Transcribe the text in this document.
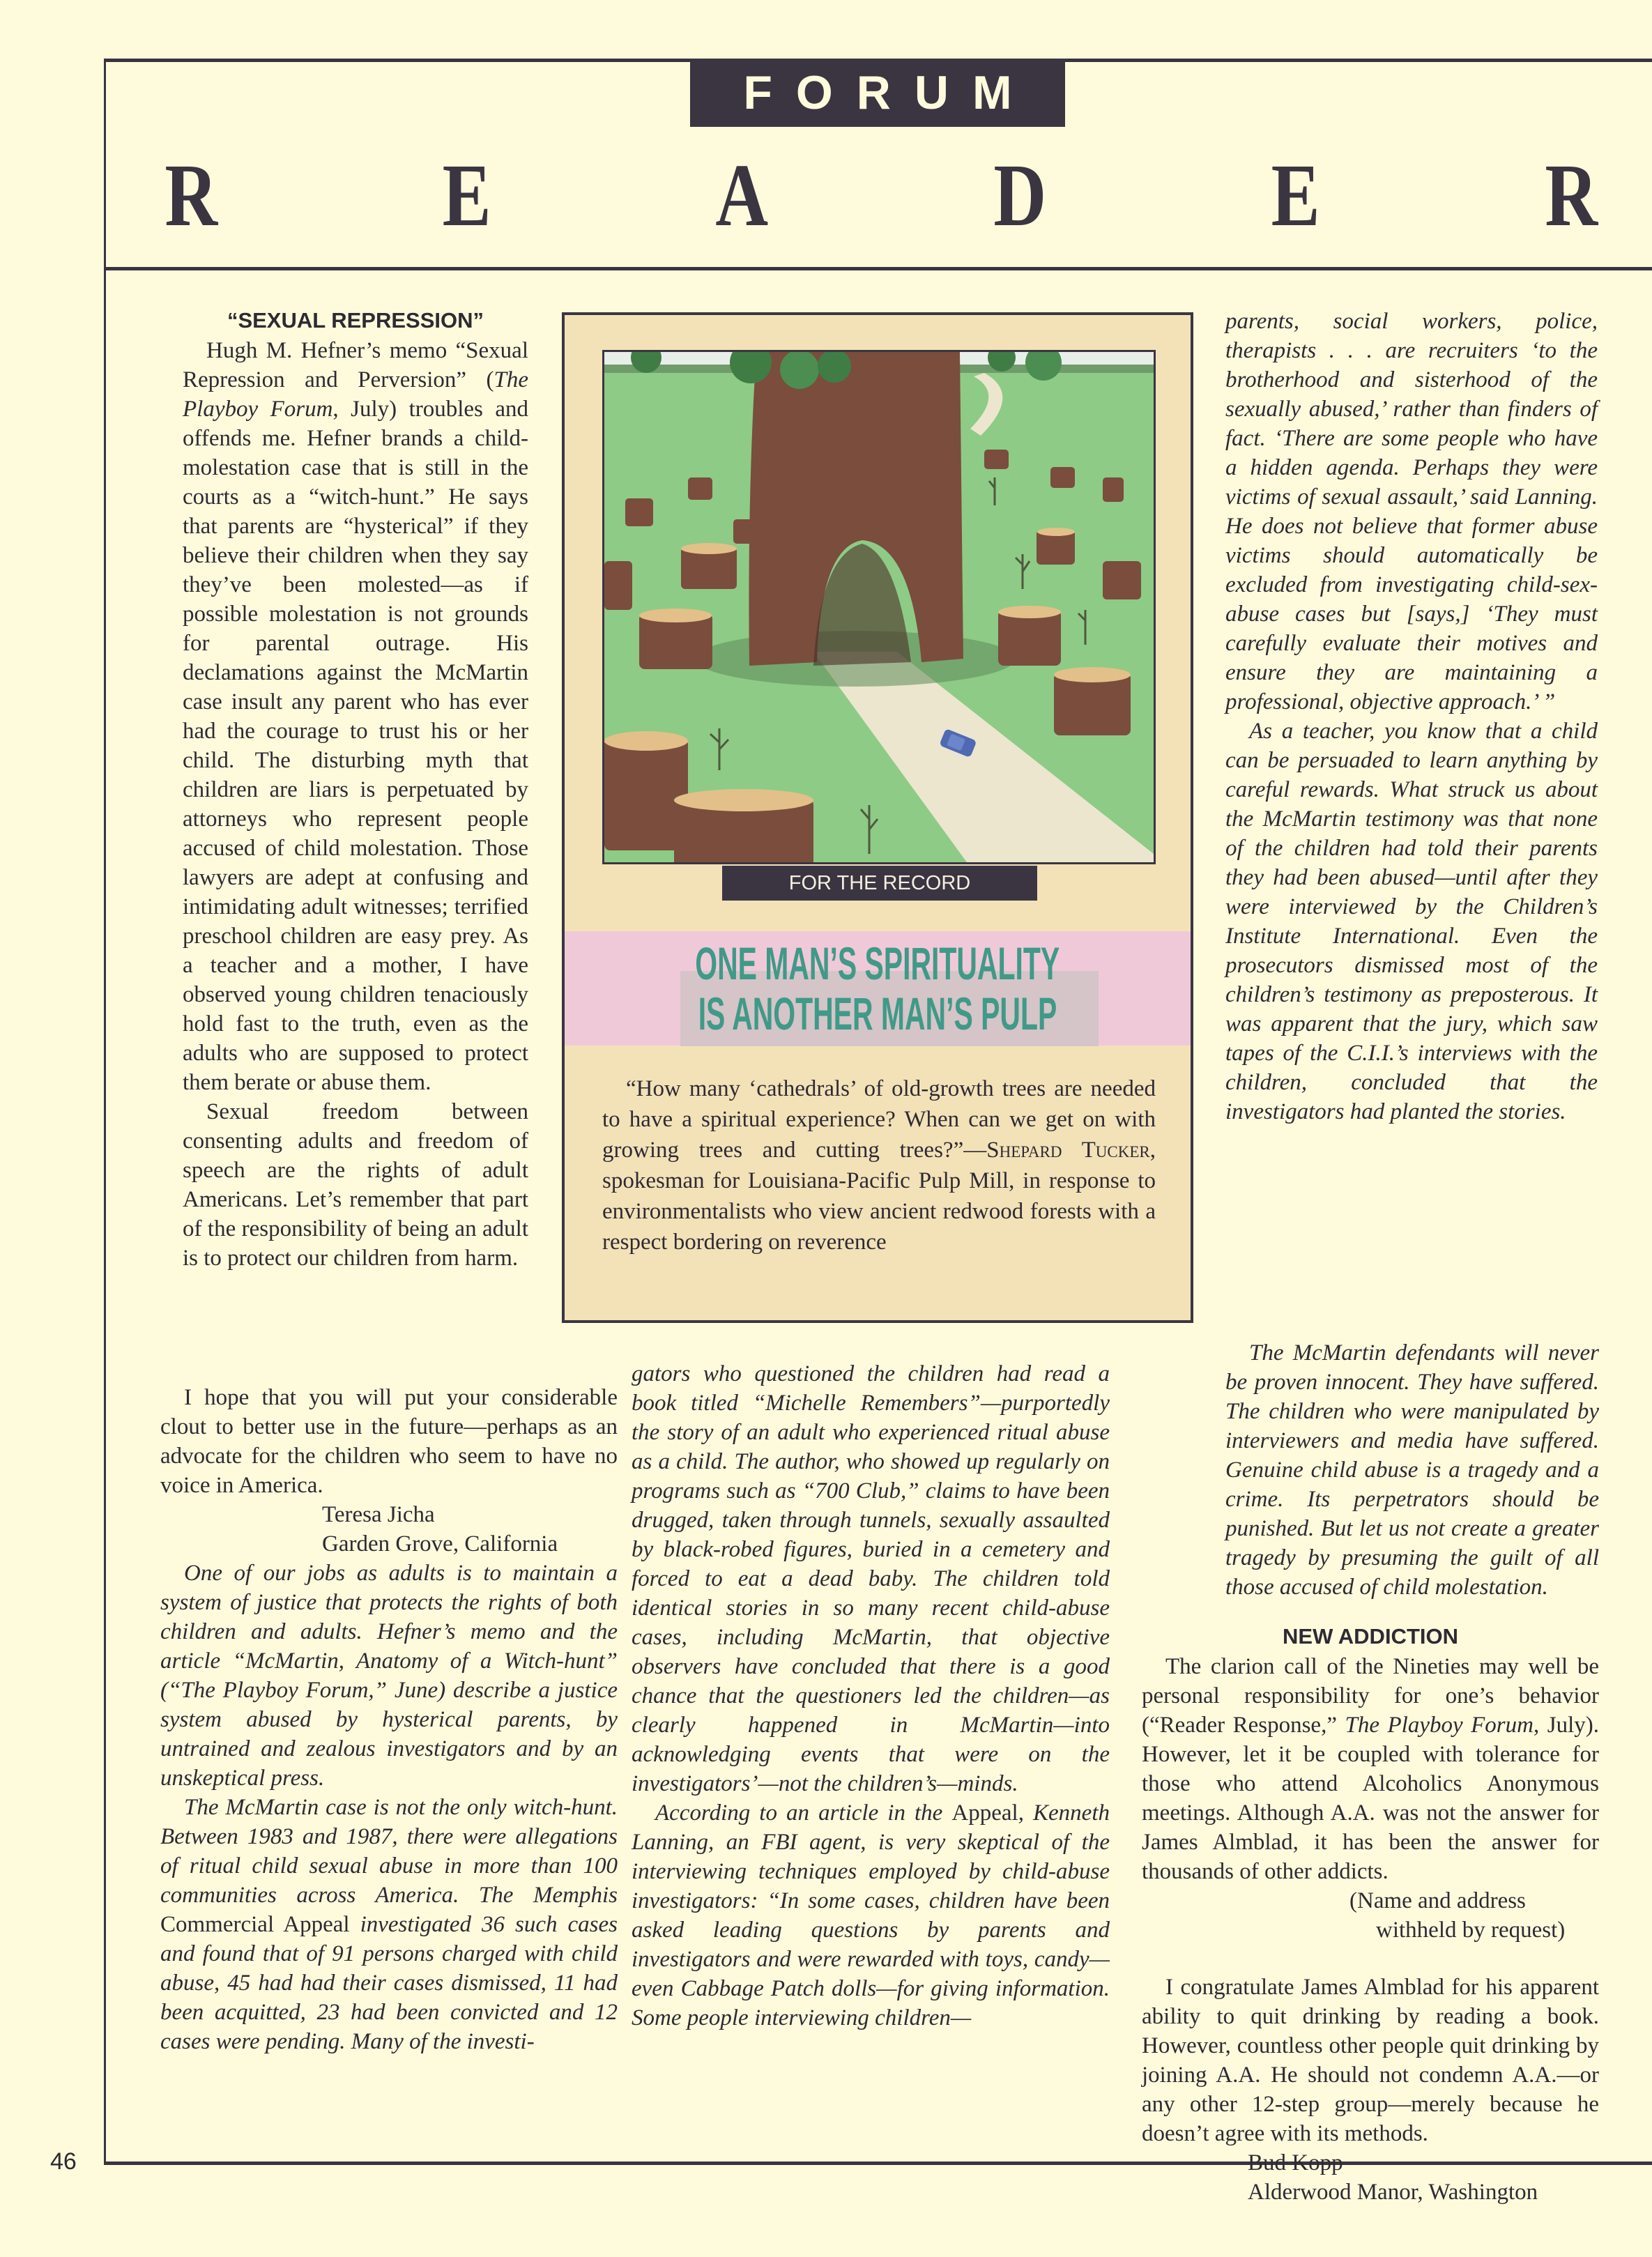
FORUM
R	E	A	D	E	R
“SEXUAL REPRESSION”

Hugh M. Hefner’s memo “Sexual Repression and Perversion” (The Playboy Forum, July) troubles and offends me. Hefner brands a child-molestation case that is still in the courts as a “witch-hunt.” He says that parents are “hysterical” if they believe their children when they say they’ve been molested—as if possible molestation is not grounds for parental outrage. His declamations against the McMartin case insult any parent who has ever had the courage to trust his or her child. The disturbing myth that children are liars is perpetuated by attorneys who represent people accused of child molestation. Those lawyers are adept at confusing and intimidating adult witnesses; terrified preschool children are easy prey. As a teacher and a mother, I have observed young children tenaciously hold fast to the truth, even as the adults who are supposed to protect them berate or abuse them.

Sexual freedom between consenting adults and freedom of speech are the rights of adult Americans. Let’s remember that part of the responsibility of being an adult is to protect our children from harm.

I hope that you will put your considerable clout to better use in the future—perhaps as an advocate for the children who seem to have no voice in America.

Teresa Jicha
Garden Grove, California

One of our jobs as adults is to maintain a system of justice that protects the rights of both children and adults. Hefner’s memo and the article “McMartin, Anatomy of a Witch-hunt” (“The Playboy Forum,” June) describe a justice system abused by hysterical parents, by untrained and zealous investigators and by an unskeptical press.

The McMartin case is not the only witch-hunt. Between 1983 and 1987, there were allegations of ritual child sexual abuse in more than 100 communities across America. The Memphis Commercial Appeal investigated 36 such cases and found that of 91 persons charged with child abuse, 45 had had their cases dismissed, 11 had been acquitted, 23 had been convicted and 12 cases were pending. Many of the investi-

FOR THE RECORD
ONE MAN’S SPIRITUALITY
IS ANOTHER MAN’S PULP

“How many ‘cathedrals’ of old-growth trees are needed to have a spiritual experience? When can we get on with growing trees and cutting trees?”—Shepard Tucker, spokesman for Louisiana-Pacific Pulp Mill, in response to environmentalists who view ancient redwood forests with a respect bordering on reverence

gators who questioned the children had read a book titled “Michelle Remembers”—purportedly the story of an adult who experienced ritual abuse as a child. The author, who showed up regularly on programs such as “700 Club,” claims to have been drugged, taken through tunnels, sexually assaulted by black-robed figures, buried in a cemetery and forced to eat a dead baby. The children told identical stories in so many recent child-abuse cases, including McMartin, that objective observers have concluded that there is a good chance that the questioners led the children—as clearly happened in McMartin—into acknowledging events that were on the investigators’—not the children’s—minds.

According to an article in the Appeal, Kenneth Lanning, an FBI agent, is very skeptical of the interviewing techniques employed by child-abuse investigators: “In some cases, children have been asked leading questions by parents and investigators and were rewarded with toys, candy—even Cabbage Patch dolls—for giving information. Some people interviewing children—

parents, social workers, police, therapists . . . are recruiters ‘to the brotherhood and sisterhood of the sexually abused,’ rather than finders of fact. ‘There are some people who have a hidden agenda. Perhaps they were victims of sexual assault,’ said Lanning. He does not believe that former abuse victims should automatically be excluded from investigating child-sex-abuse cases but [says,] ‘They must carefully evaluate their motives and ensure they are maintaining a professional, objective approach.’ ”

As a teacher, you know that a child can be persuaded to learn anything by careful rewards. What struck us about the McMartin testimony was that none of the children had told their parents they had been abused—until after they were interviewed by the Children’s Institute International. Even the prosecutors dismissed most of the children’s testimony as preposterous. It was apparent that the jury, which saw tapes of the C.I.I.’s interviews with the children, concluded that the investigators had planted the stories.

The McMartin defendants will never be proven innocent. They have suffered. The children who were manipulated by interviewers and media have suffered. Genuine child abuse is a tragedy and a crime. Its perpetrators should be punished. But let us not create a greater tragedy by presuming the guilt of all those accused of child molestation.

NEW ADDICTION

The clarion call of the Nineties may well be personal responsibility for one’s behavior (“Reader Response,” The Playboy Forum, July). However, let it be coupled with tolerance for those who attend Alcoholics Anonymous meetings. Although A.A. was not the answer for James Almblad, it has been the answer for thousands of other addicts.

(Name and address
withheld by request)

I congratulate James Almblad for his apparent ability to quit drinking by reading a book. However, countless other people quit drinking by joining A.A. He should not condemn A.A.—or any other 12-step group—merely because he doesn’t agree with its methods.

Bud Kopp
Alderwood Manor, Washington
46
